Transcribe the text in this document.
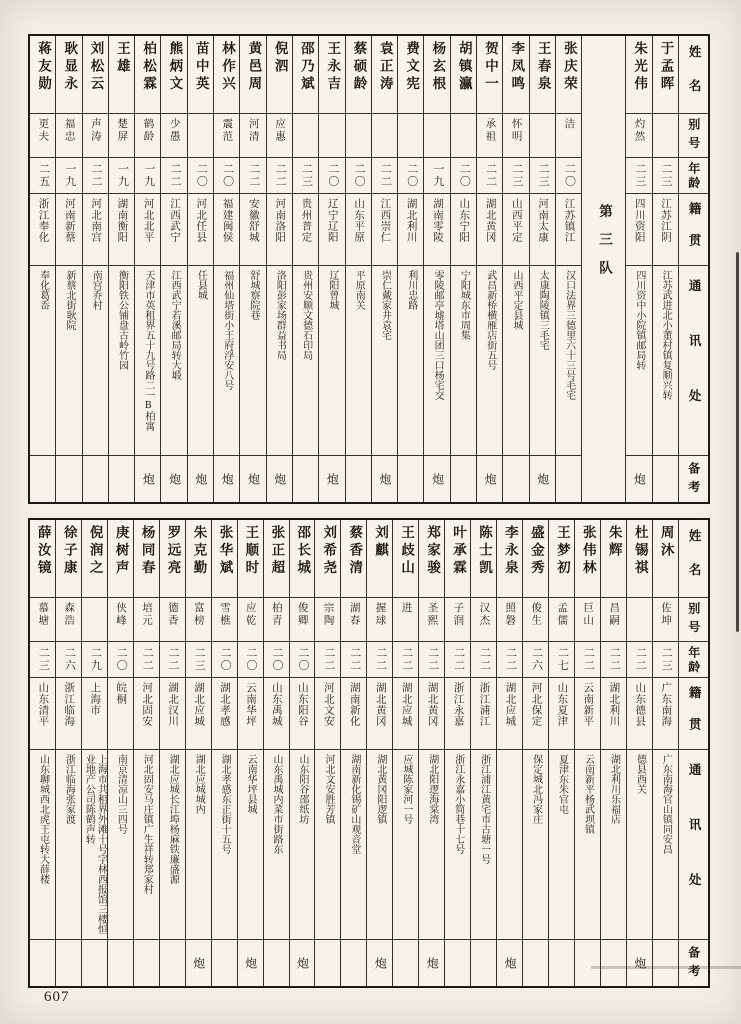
蒋友勋
更夫
二五
浙江奉化
奉化葛岙
耿显永
福忠
一九
河南新蔡
新蔡北街耿院
刘松云
声涛
二二
河北南宫
南宫乔村
王雄
楚屏
一九
湖南衡阳
衡阳铁公铺盘古岭竹园
柏松霖
鹤龄
一九
河北北平
天津市英租界五十九号路二一B柏寓
炮
熊炳文
少愚
二二
江西武宁
江西武宁若溪邮局转大塅
炮
苗中英
二〇
河北任县
任县城
炮
林作兴
震范
二〇
福建闽侯
福州仙塔街小王府浮安八号
炮
黄邑周
河清
二二
安徽舒城
舒城察院巷
炮
倪泗
应惠
二二
河南洛阳
洛阳彭家场群益书局
炮
邵乃斌
二三
贵州普定
贵州安顺文德石印局
王永吉
二〇
辽宁辽阳
辽阳曾城
炮
蔡硕龄
二〇
山东平原
平原南关
袁正涛
二二
江西崇仁
崇仁戴家井袁宅
炮
费文宪
二〇
湖北利川
利川忠路
杨玄根
一九
湖南零陵
零陵邮亭墟塔山团三口杨宅交
炮
胡镇瀛
二〇
山东宁阳
宁阳城东市周集
贺中一
承祖
二二
湖北黄冈
武昌新桥横雁店街五号
炮
李凤鸣
怀明
二三
山西平定
山西平定县城
王春泉
二三
河南太康
太康陶陵镇三毛宅
炮
张庆荣
洁
二〇
江苏镇江
汉口法界三德里六十三号毛宅
第三队
朱光伟
灼然
二三
四川资阳
四川资中小院镇邮局转
炮
于孟晖
二三
江苏江阴
江苏武进北小董村镇复顺兴转
姓名
别号
年龄
籍贯
通讯处
备考
薛汝镜
慕塘
二三
山东清平
山东聊城西北虎王屯转大薛楼
徐子康
森浩
二六
浙江临海
浙江临海张家渡
倪润之
二九
上海市
上海市共租界外滩十号字林西报馆三楼恒业地产公司陈鹤声转
庚树声
侠峰
二〇
皖桐
南京清凉山三四号
杨同春
培元
二二
河北固安
河北固安马庄镇广生祥转郑家村
罗远亮
德香
二二
湖北汉川
湖北应城长江埠杨麻铁廉盛源
朱克勤
富榜
二三
湖北应城
湖北应城城内
炮
张华斌
雪樵
二〇
湖北孝感
湖北孝感东正街十五号
王顺时
应乾
二〇
云南华坪
云南华坪县城
炮
张正超
柏青
二〇
山东禹城
山东禹城内菜市街路东
邵长城
俊卿
二〇
山东阳谷
山东阳谷邵纸坊
炮
刘希尧
宗陶
二二
河北文安
河北文安胜芳镇
蔡香清
湖春
二二
湖南新化
湖南新化锡矿山观音堂
刘麒
握球
二二
湖北黄冈
湖北黄冈阳逻镇
炮
王歧山
进
二二
湖北应城
应城陈家河一号
郑家骏
圣熙
二二
湖北黄冈
湖北阳逻海棠湾
炮
叶承霖
子润
二二
浙江永嘉
浙江永嘉小简巷十七号
陈士凯
汉杰
二二
浙江浦江
浙江浦江黄宅市古塘一号
李永泉
照磐
二二
湖北应城
炮
盛金秀
俊生
二六
河北保定
保定城北冯家庄
王梦初
孟儒
二七
山东夏津
夏津东朱官屯
张伟林
巨山
二二
云南新平
云南新平杨武坝镇
朱辉
昌嗣
二二
湖北利川
湖北利川乐福店
杜锡祺
二二
山东德县
德县西关
炮
周沐
佐坤
二三
广东南海
广东南海官山镇同安昌
姓名
别号
年龄
籍贯
通讯处
备考
607
